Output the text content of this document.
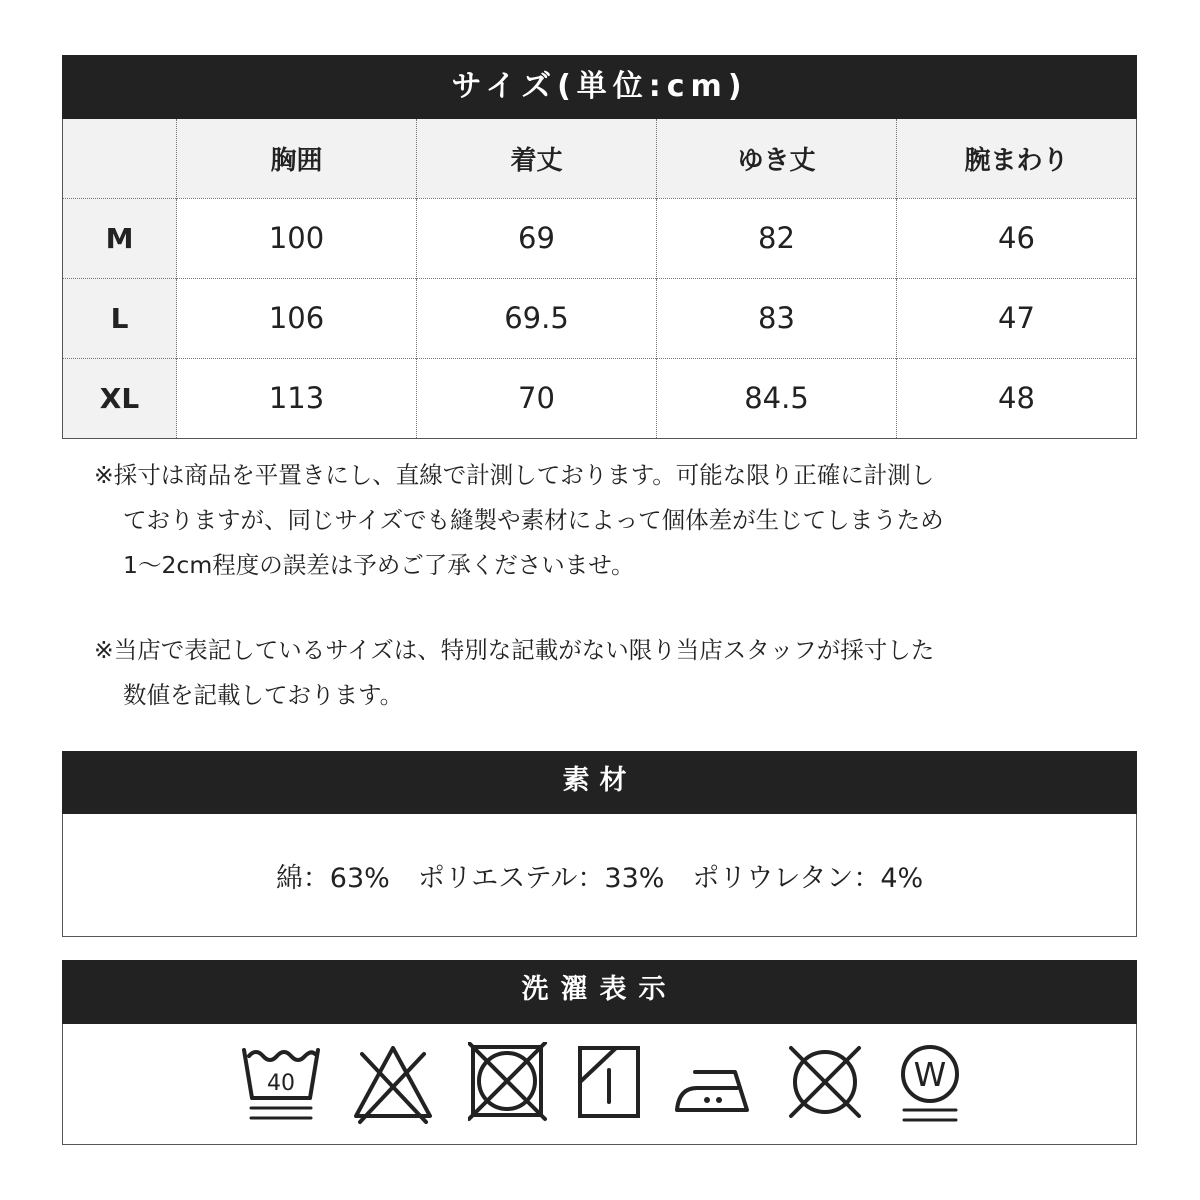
サイズ(単位:cm)
	胸囲	着丈	ゆき丈	腕まわり
M	100	69	82	46
L	106	69.5	83	47
XL	113	70	84.5	48
※採寸は商品を平置きにし、直線で計測しております。可能な限り正確に計測し
ておりますが、同じサイズでも縫製や素材によって個体差が生じてしまうため
1〜2cm程度の誤差は予めご了承くださいませ。
※当店で表記しているサイズは、特別な記載がない限り当店スタッフが採寸した
数値を記載しております。
素材
綿：63% ポリエステル：33% ポリウレタン：4%
洗濯表示
40	W
